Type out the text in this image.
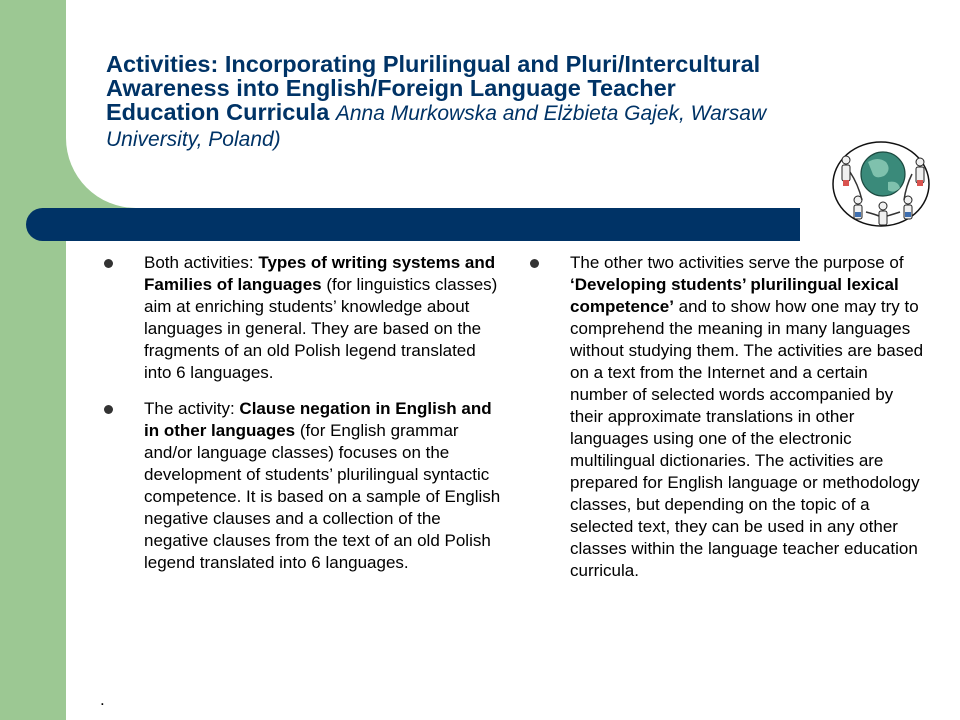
Activities: Incorporating Plurilingual and Pluri/Intercultural
Awareness into English/Foreign Language Teacher
Education Curricula Anna Murkowska and Elżbieta Gajek, Warsaw University, Poland)
Both activities: Types of writing systems and Families of languages (for linguistics classes) aim at enriching students’ knowledge about languages in general. They are based on the fragments of an old Polish legend translated into 6 languages.
The activity: Clause negation in English and in other languages (for English grammar and/or language classes) focuses on the development of students’ plurilingual syntactic competence. It is based on a sample of English negative clauses and a collection of the negative clauses from the text of an old Polish legend translated into 6 languages.
.
The other two activities serve the purpose of ‘Developing students’ plurilingual lexical competence’ and to show how one may try to comprehend the meaning in many languages without studying them. The activities are based on a text from the Internet and a certain number of selected words accompanied by their approximate translations in other languages using one of the electronic multilingual dictionaries. The activities are prepared for English language or methodology classes, but depending on the topic of a selected text, they can be used in any other classes within the language teacher education curricula.
